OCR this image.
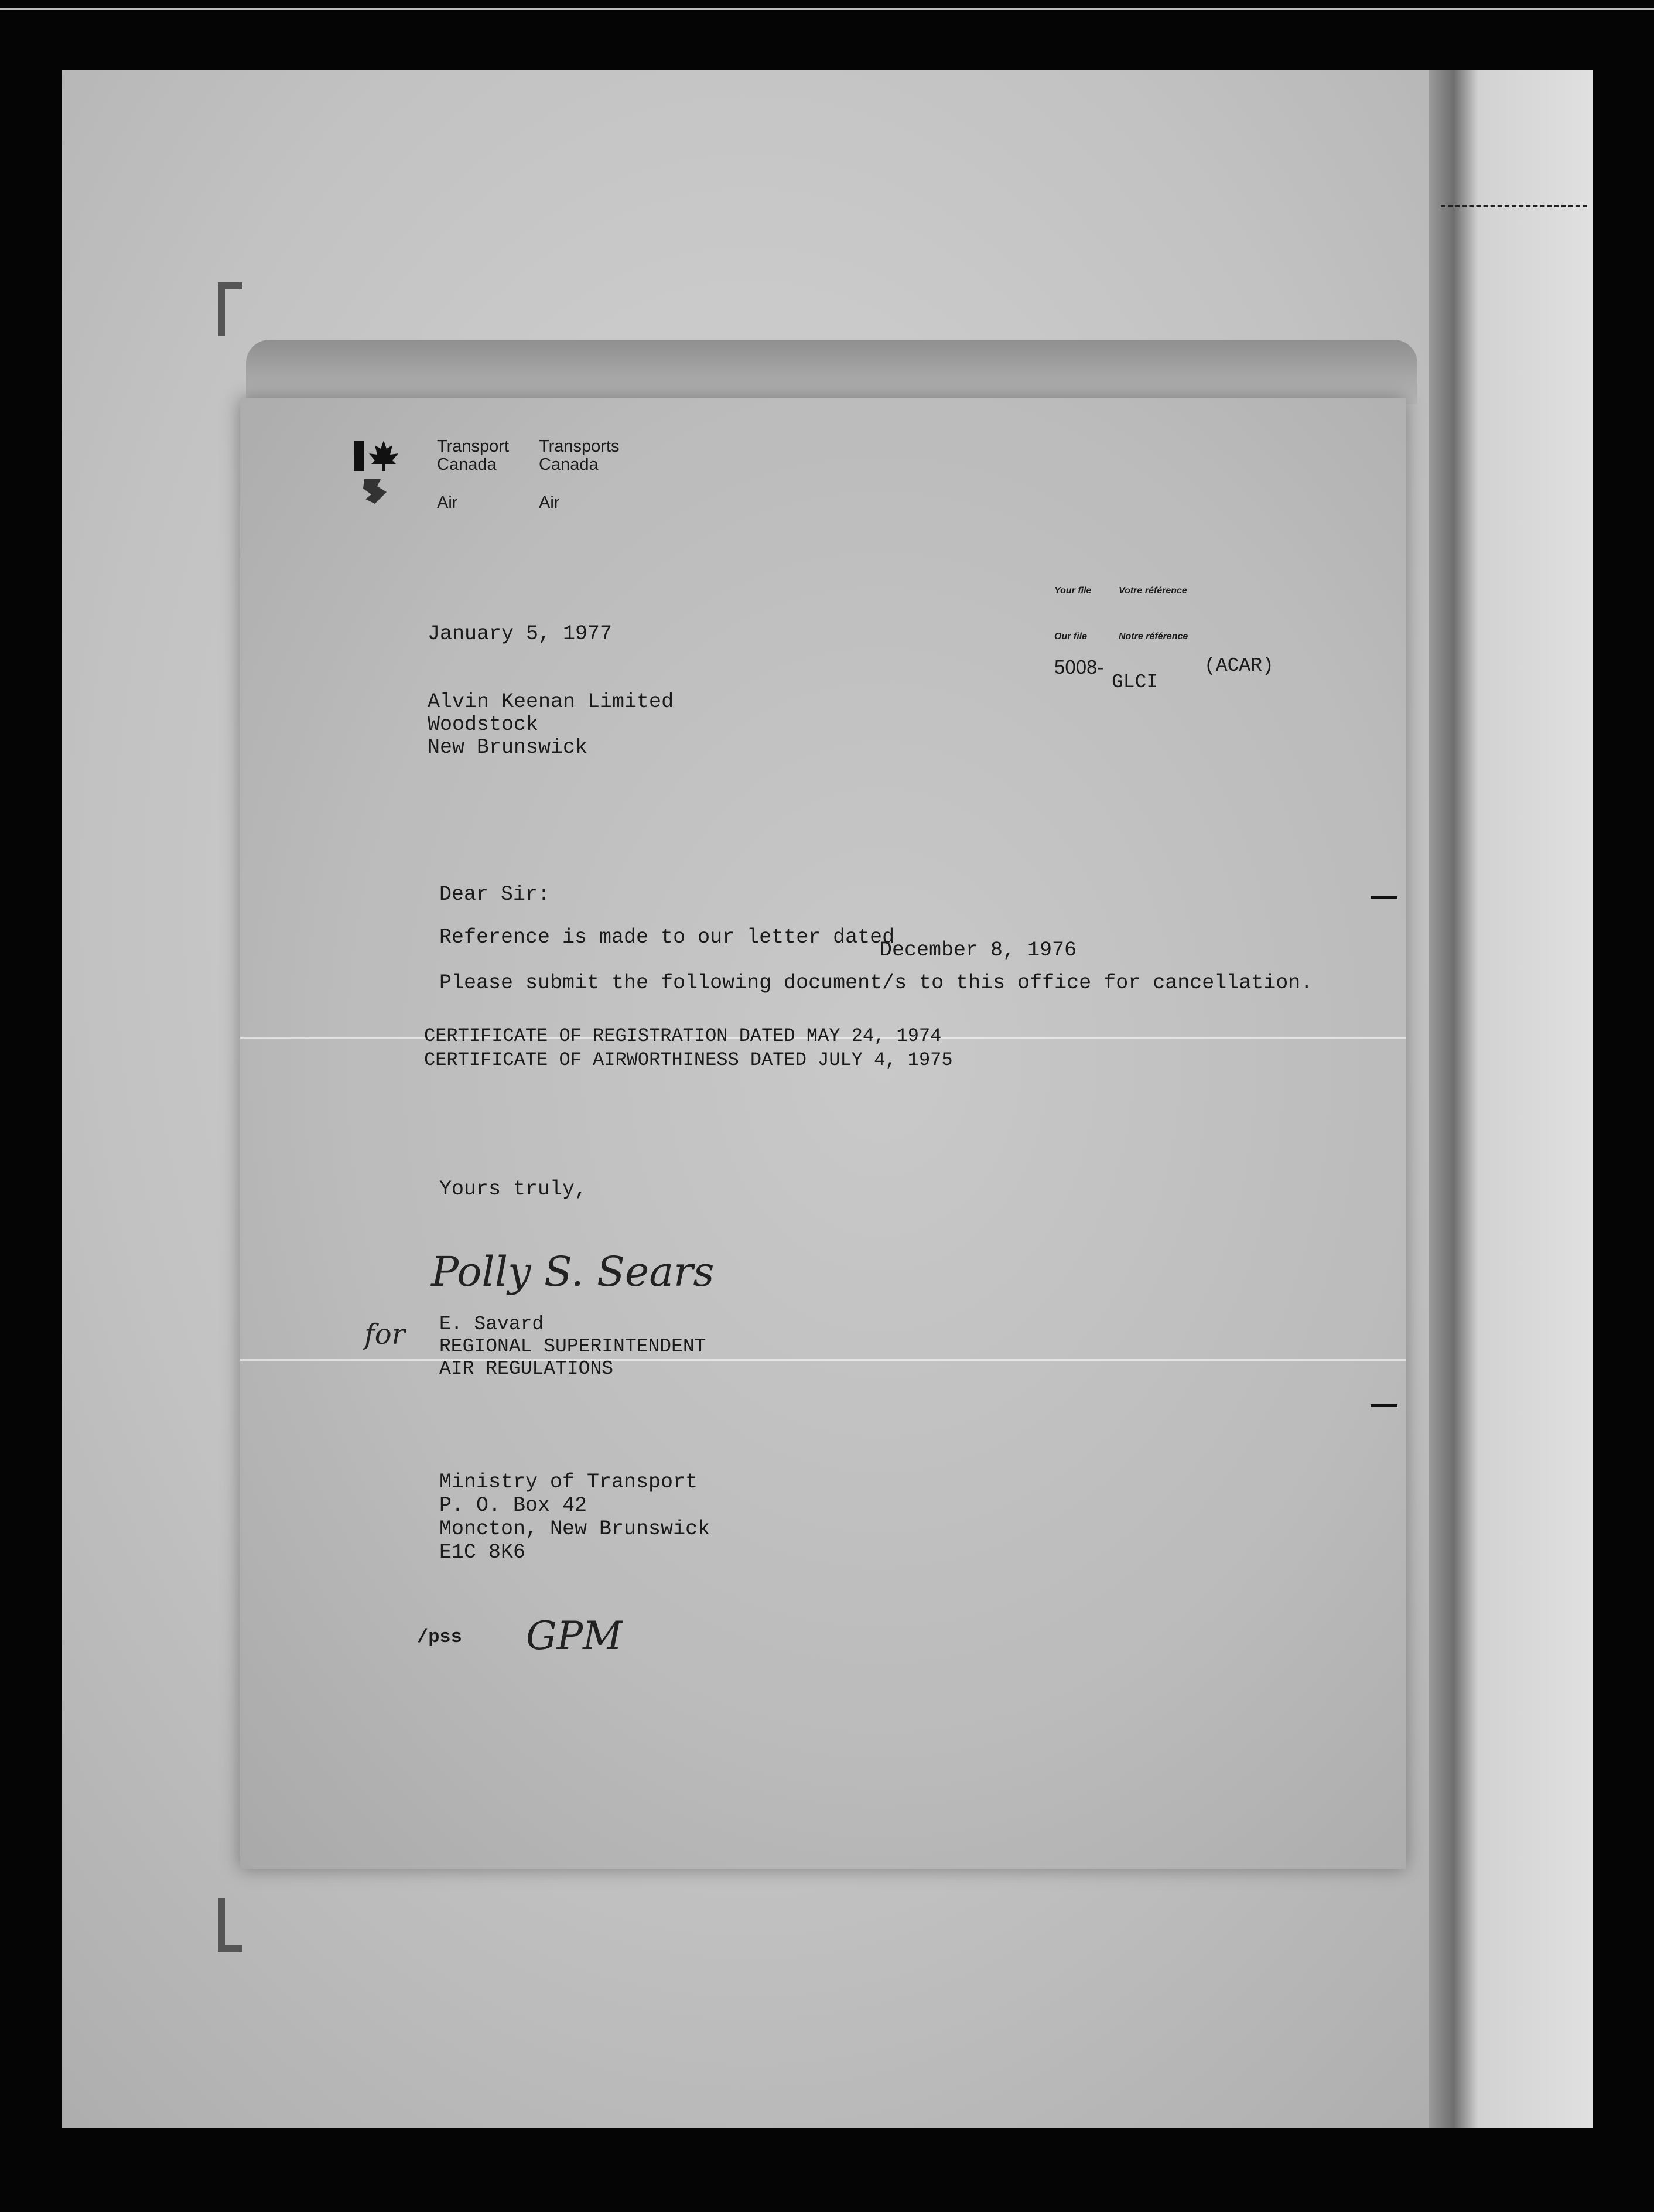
Transport
Canada
Air
Transports
Canada
Air
Your file	Votre référence
Our file	Notre référence
5008-
GLCI
(ACAR)
January 5, 1977
Alvin Keenan Limited
Woodstock
New Brunswick
Dear Sir:
Reference is made to our letter dated
December 8, 1976
Please submit the following document/s to this office for cancellation.
CERTIFICATE OF REGISTRATION DATED MAY 24, 1974
CERTIFICATE OF AIRWORTHINESS DATED JULY 4, 1975
Yours truly,
Polly S. Sears
for E. Savard
REGIONAL SUPERINTENDENT
AIR REGULATIONS
Ministry of Transport
P. O. Box 42
Moncton, New Brunswick
E1C 8K6
/pss GPM
